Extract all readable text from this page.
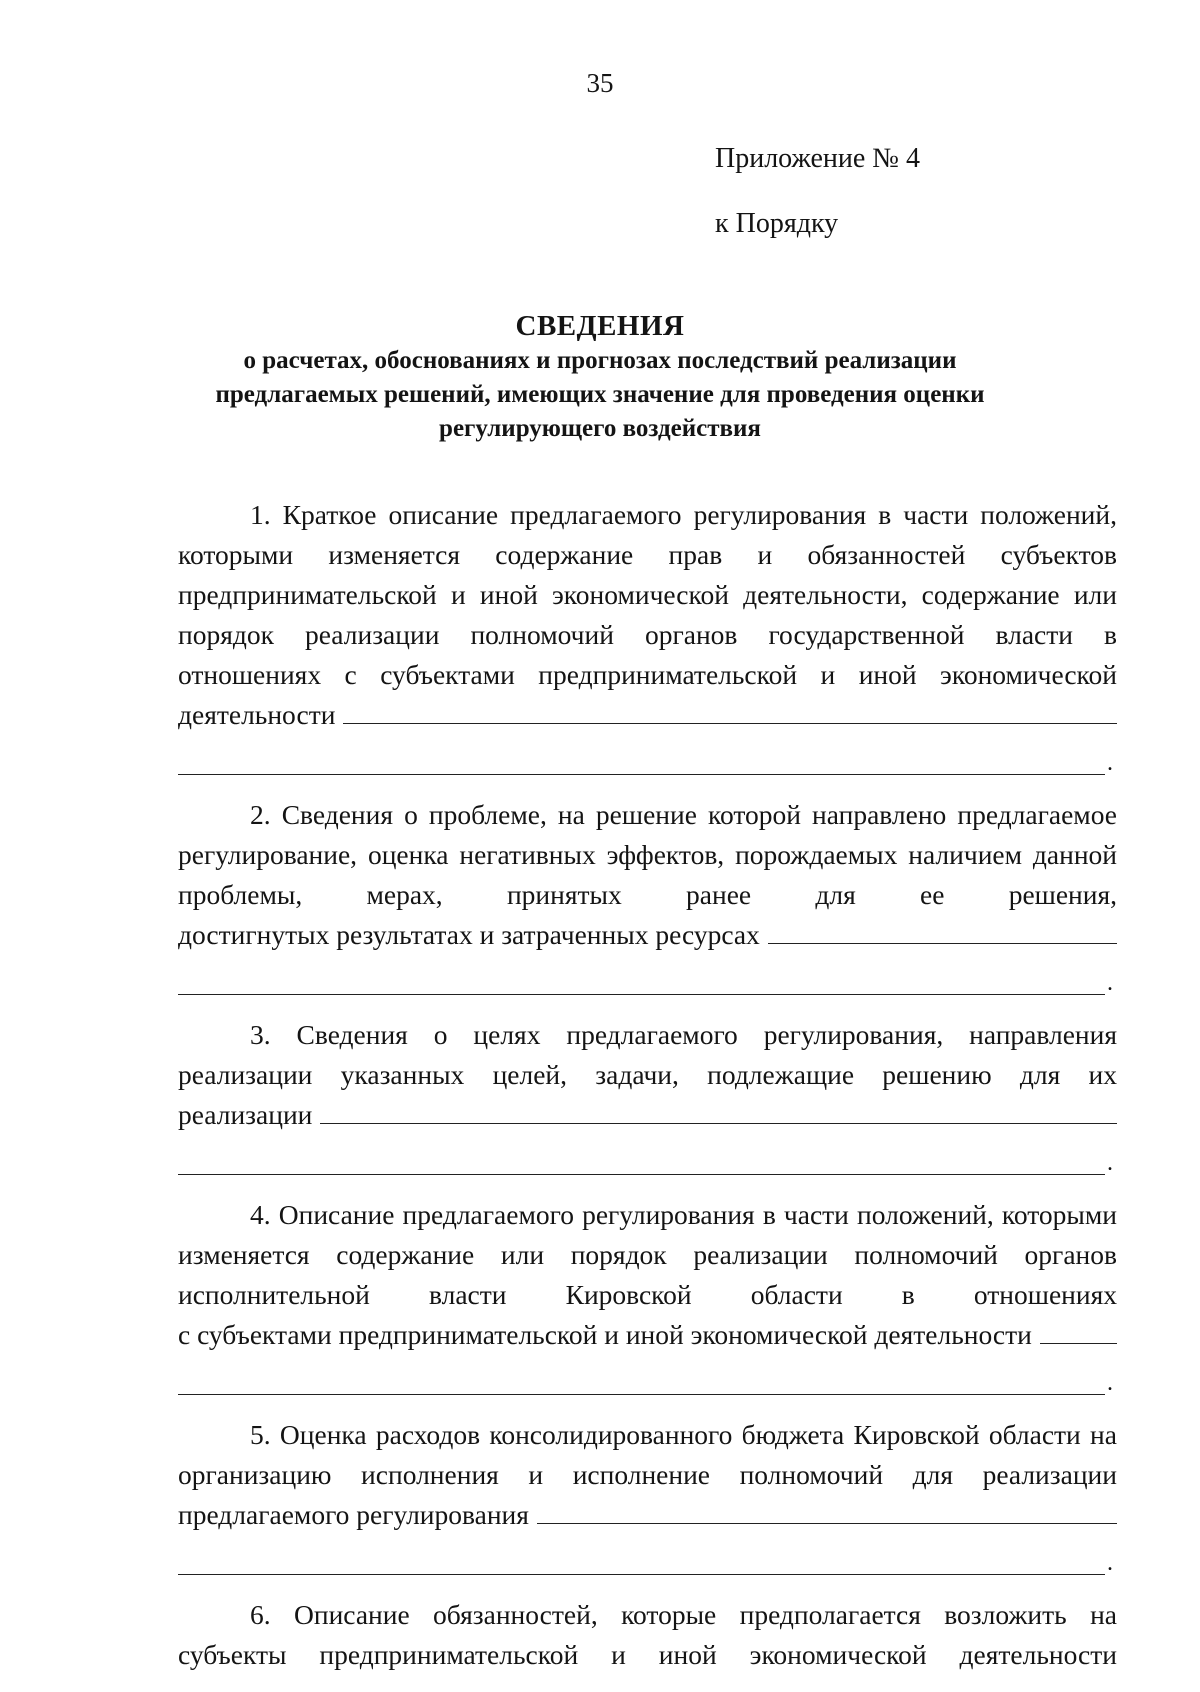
35
Приложение № 4
к Порядку
СВЕДЕНИЯ
о расчетах, обоснованиях и прогнозах последствий реализации
предлагаемых решений, имеющих значение для проведения оценки
регулирующего воздействия

1. Краткое описание предлагаемого регулирования в части положений, которыми изменяется содержание прав и обязанностей субъектов предпринимательской и иной экономической деятельности, содержание или порядок реализации полномочий органов государственной власти в отношениях с субъектами предпринимательской и иной экономической

деятельности
.

2. Сведения о проблеме, на решение которой направлено предлагаемое регулирование, оценка негативных эффектов, порождаемых наличием данной проблемы, мерах, принятых ранее для ее решения,

достигнутых результатах и затраченных ресурсах
.

3. Сведения о целях предлагаемого регулирования, направления реализации указанных целей, задачи, подлежащие решению для их

реализации
.

4. Описание предлагаемого регулирования в части положений, которыми изменяется содержание или порядок реализации полномочий органов исполнительной власти Кировской области в отношениях

с субъектами предпринимательской и иной экономической деятельности
.

5. Оценка расходов консолидированного бюджета Кировской области на организацию исполнения и исполнение полномочий для реализации

предлагаемого регулирования
.

6. Описание обязанностей, которые предполагается возложить на субъекты предпринимательской и иной экономической деятельности
